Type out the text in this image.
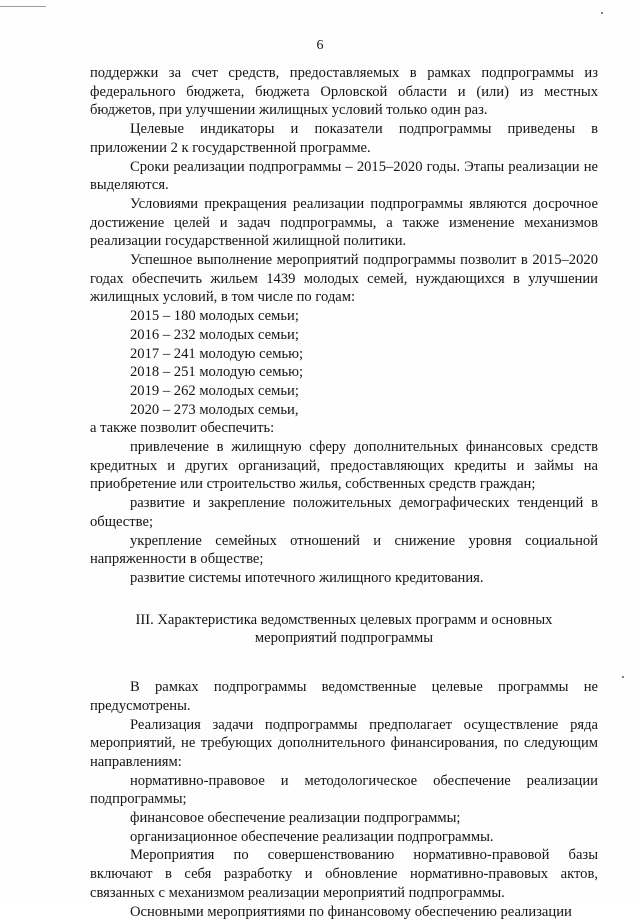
6

поддержки за счет средств, предоставляемых в рамках подпрограммы из федерального бюджета, бюджета Орловской области и (или) из местных бюджетов, при улучшении жилищных условий только один раз.

Целевые индикаторы и показатели подпрограммы приведены в приложении 2 к государственной программе.

Сроки реализации подпрограммы – 2015–2020 годы. Этапы реализации не выделяются.

Условиями прекращения реализации подпрограммы являются досрочное достижение целей и задач подпрограммы, а также изменение механизмов реализации государственной жилищной политики.

Успешное выполнение мероприятий подпрограммы позволит в 2015–2020 годах обеспечить жильем 1439 молодых семей, нуждающихся в улучшении жилищных условий, в том числе по годам:

2015 – 180 молодых семьи;

2016 – 232 молодых семьи;

2017 – 241 молодую семью;

2018 – 251 молодую семью;

2019 – 262 молодых семьи;

2020 – 273 молодых семьи,

а также позволит обеспечить:

привлечение в жилищную сферу дополнительных финансовых средств кредитных и других организаций, предоставляющих кредиты и займы на приобретение или строительство жилья, собственных средств граждан;

развитие и закрепление положительных демографических тенденций в обществе;

укрепление семейных отношений и снижение уровня социальной напряженности в обществе;

развитие системы ипотечного жилищного кредитования.

III. Характеристика ведомственных целевых программ и основных
мероприятий подпрограммы

В рамках подпрограммы ведомственные целевые программы не предусмотрены.

Реализация задачи подпрограммы предполагает осуществление ряда мероприятий, не требующих дополнительного финансирования, по следующим направлениям:

нормативно-правовое и методологическое обеспечение реализации подпрограммы;

финансовое обеспечение реализации подпрограммы;

организационное обеспечение реализации подпрограммы.

Мероприятия по совершенствованию нормативно-правовой базы включают в себя разработку и обновление нормативно-правовых актов, связанных с механизмом реализации мероприятий подпрограммы.

Основными мероприятиями по финансовому обеспечению реализации
